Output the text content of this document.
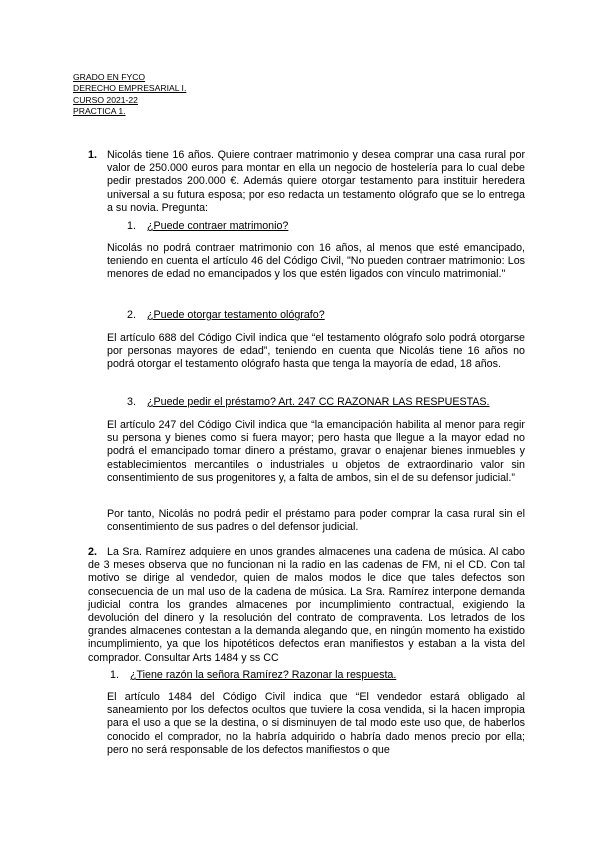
GRADO EN FYCO
DERECHO EMPRESARIAL I.
CURSO 2021-22
PRACTICA 1.
1. Nicolás tiene 16 años. Quiere contraer matrimonio y desea comprar una casa rural por valor de 250.000 euros para montar en ella un negocio de hostelería para lo cual debe pedir prestados 200.000 €. Además quiere otorgar testamento para instituir heredera universal a su futura esposa; por eso redacta un testamento ológrafo que se lo entrega a su novia. Pregunta:

1. ¿Puede contraer matrimonio?

Nicolás no podrá contraer matrimonio con 16 años, al menos que esté emancipado, teniendo en cuenta el artículo 46 del Código Civil, "No pueden contraer matrimonio: Los menores de edad no emancipados y los que estén ligados con vínculo matrimonial."

2. ¿Puede otorgar testamento ológrafo?

El artículo 688 del Código Civil indica que “el testamento ológrafo solo podrá otorgarse por personas mayores de edad”, teniendo en cuenta que Nicolás tiene 16 años no podrá otorgar el testamento ológrafo hasta que tenga la mayoría de edad, 18 años.

3. ¿Puede pedir el préstamo? Art. 247 CC RAZONAR LAS RESPUESTAS.

El artículo 247 del Código Civil indica que “la emancipación habilita al menor para regir su persona y bienes como si fuera mayor; pero hasta que llegue a la mayor edad no podrá el emancipado tomar dinero a préstamo, gravar o enajenar bienes inmuebles y establecimientos mercantiles o industriales u objetos de extraordinario valor sin consentimiento de sus progenitores y, a falta de ambos, sin el de su defensor judicial.”

Por tanto, Nicolás no podrá pedir el préstamo para poder comprar la casa rural sin el consentimiento de sus padres o del defensor judicial.

2. La Sra. Ramírez adquiere en unos grandes almacenes una cadena de música. Al cabo de 3 meses observa que no funcionan ni la radio en las cadenas de FM, ni el CD. Con tal motivo se dirige al vendedor, quien de malos modos le dice que tales defectos son consecuencia de un mal uso de la cadena de música. La Sra. Ramírez interpone demanda judicial contra los grandes almacenes por incumplimiento contractual, exigiendo la devolución del dinero y la resolución del contrato de compraventa. Los letrados de los grandes almacenes contestan a la demanda alegando que, en ningún momento ha existido incumplimiento, ya que los hipotéticos defectos eran manifiestos y estaban a la vista del comprador. Consultar Arts 1484 y ss CC

1. ¿Tiene razón la señora Ramírez? Razonar la respuesta.

El artículo 1484 del Código Civil indica que “El vendedor estará obligado al saneamiento por los defectos ocultos que tuviere la cosa vendida, si la hacen impropia para el uso a que se la destina, o si disminuyen de tal modo este uso que, de haberlos conocido el comprador, no la habría adquirido o habría dado menos precio por ella; pero no será responsable de los defectos manifiestos o que
